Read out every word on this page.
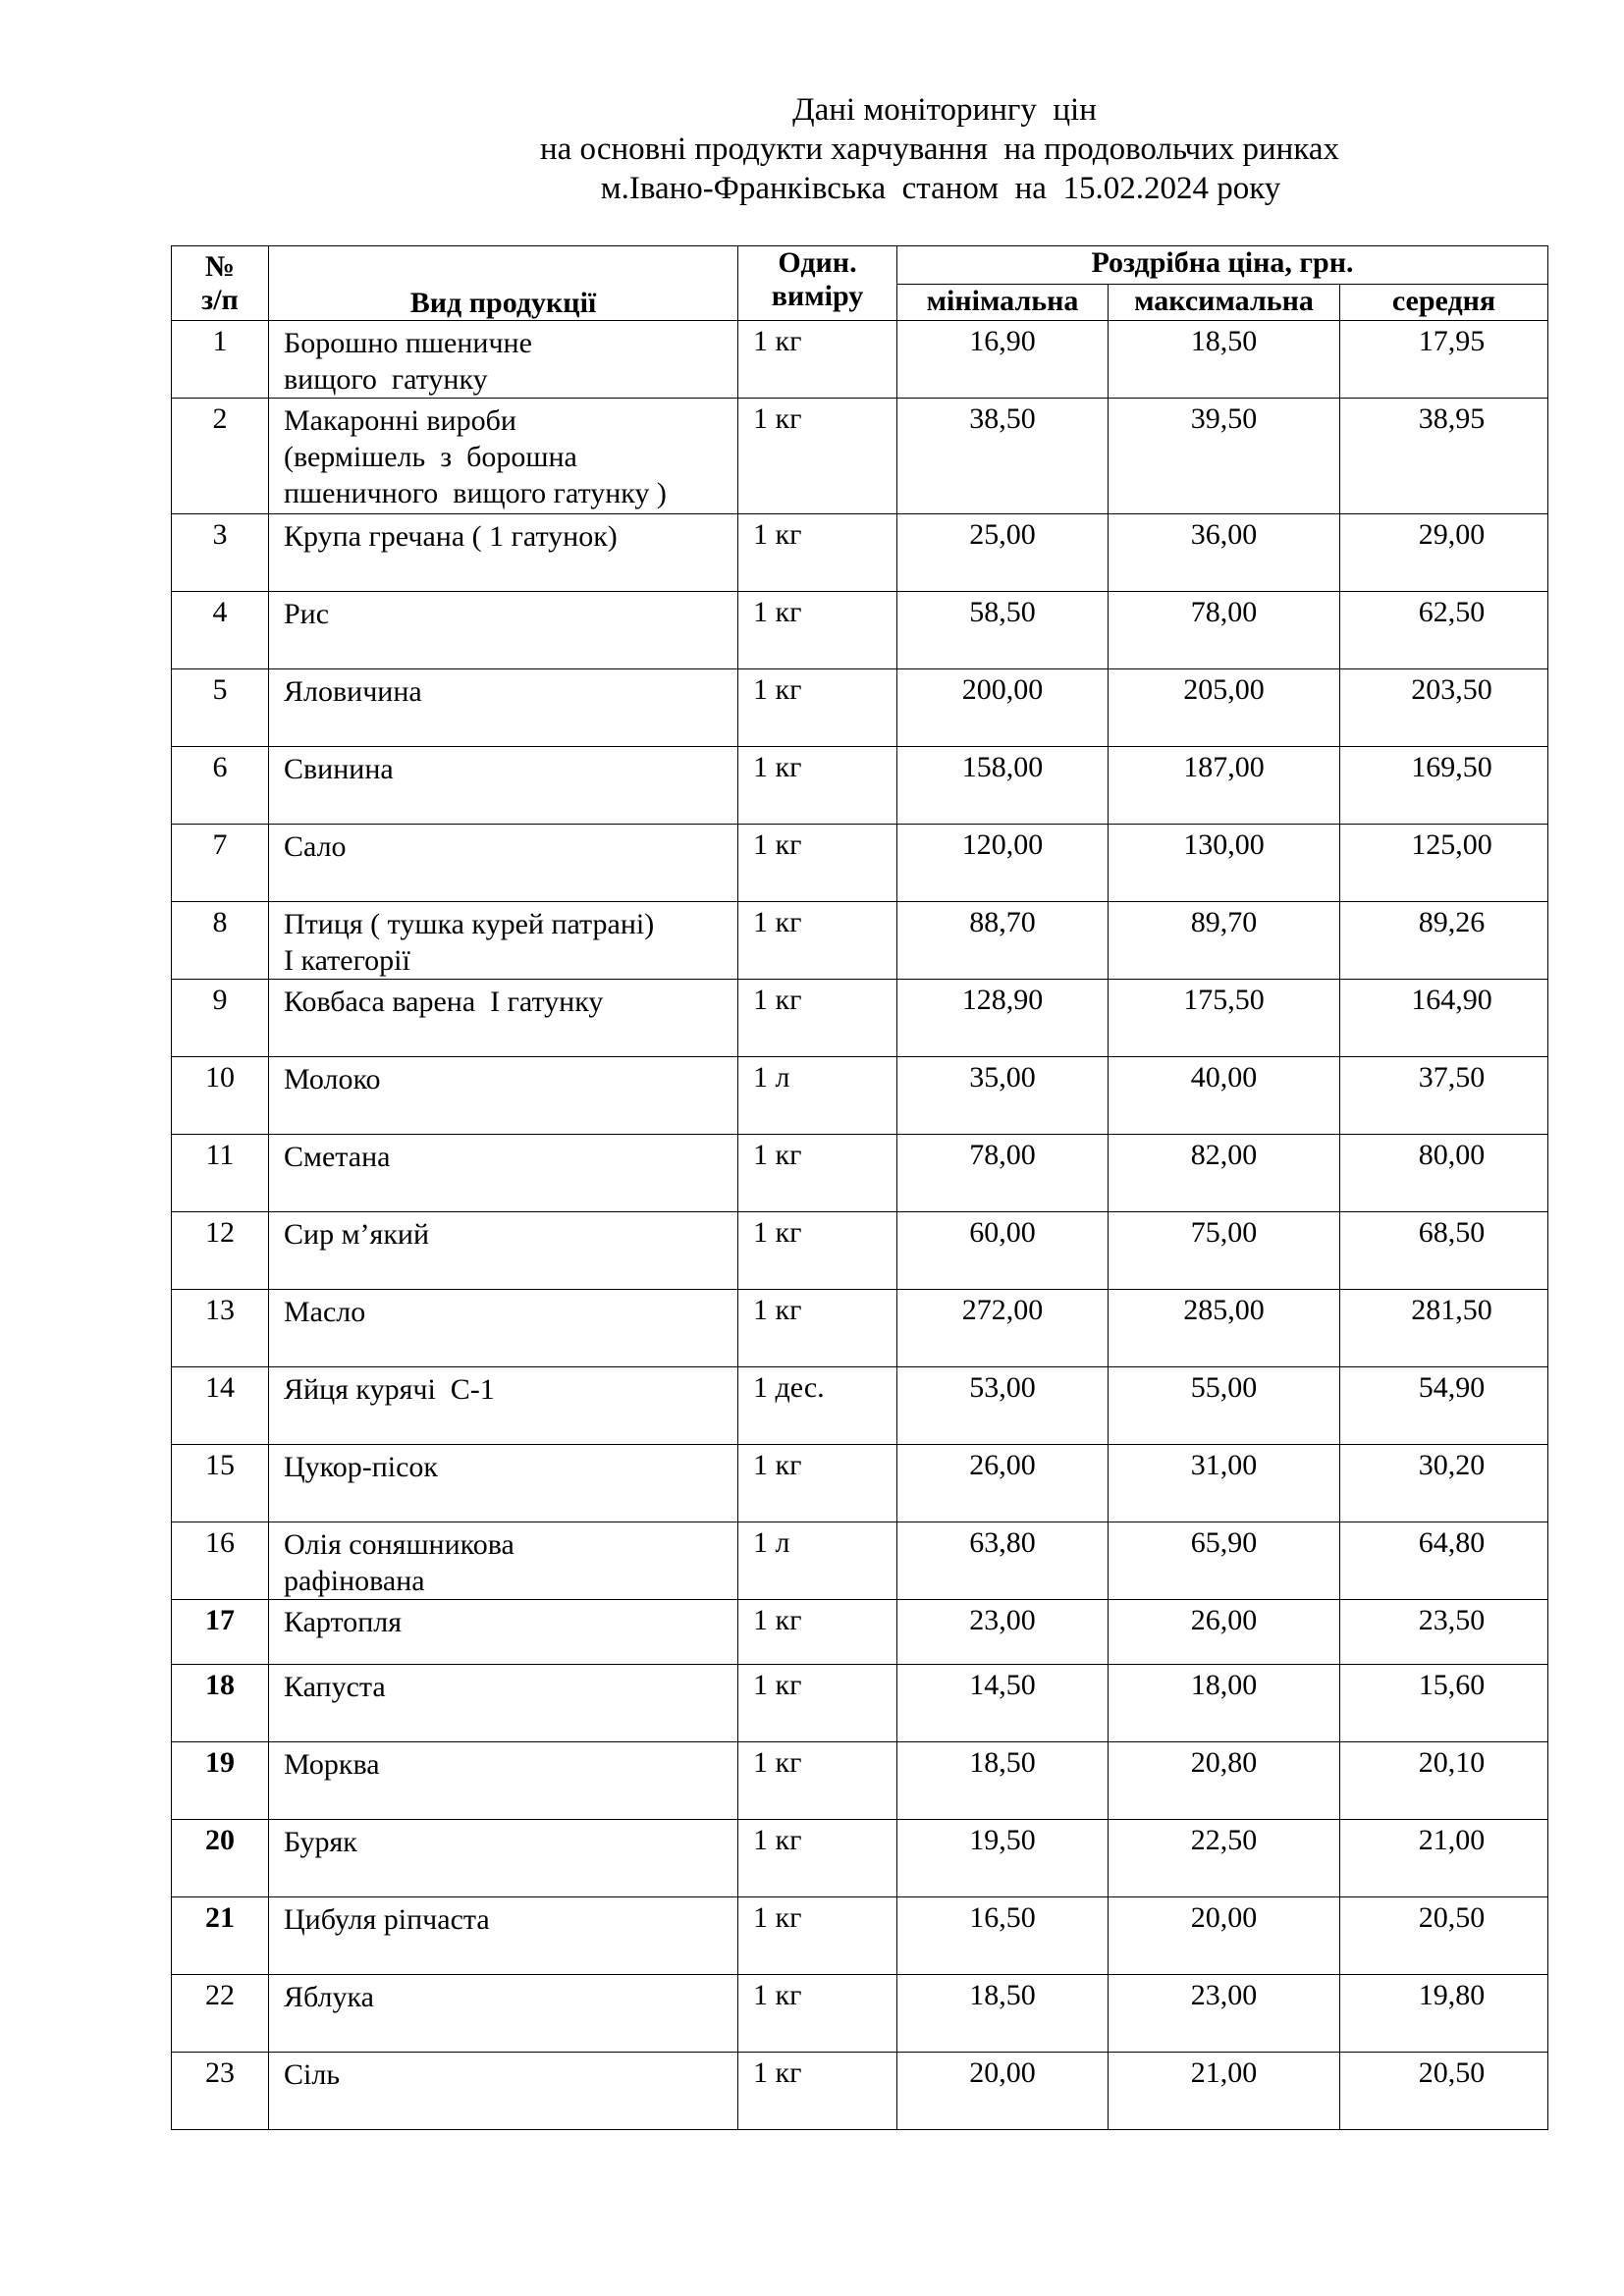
Дані моніторингу  цін
на основні продукти харчування  на продовольчих ринках
м.Івано-Франківська  станом  на  15.02.2024 року
№
з/п	Вид продукції	Один.
виміру	Роздрібна ціна, грн.		
			мінімальна	максимальна	середня
1	Борошно пшеничне
вищого  гатунку	1 кг	16,90	18,50	17,95
2	Макаронні вироби
(вермішель  з  борошна
пшеничного  вищого гатунку )	1 кг	38,50	39,50	38,95
3	Крупа гречана ( 1 гатунок)	1 кг	25,00	36,00	29,00
4	Рис	1 кг	58,50	78,00	62,50
5	Яловичина	1 кг	200,00	205,00	203,50
6	Свинина	1 кг	158,00	187,00	169,50
7	Сало	1 кг	120,00	130,00	125,00
8	Птиця ( тушка курей патрані)
І категорії	1 кг	88,70	89,70	89,26
9	Ковбаса варена  І гатунку	1 кг	128,90	175,50	164,90
10	Молоко	1 л	35,00	40,00	37,50
11	Сметана	1 кг	78,00	82,00	80,00
12	Сир м’який	1 кг	60,00	75,00	68,50
13	Масло	1 кг	272,00	285,00	281,50
14	Яйця курячі  С-1	1 дес.	53,00	55,00	54,90
15	Цукор-пісок	1 кг	26,00	31,00	30,20
16	Олія соняшникова
рафінована	1 л	63,80	65,90	64,80
17	Картопля	1 кг	23,00	26,00	23,50
18	Капуста	1 кг	14,50	18,00	15,60
19	Морква	1 кг	18,50	20,80	20,10
20	Буряк	1 кг	19,50	22,50	21,00
21	Цибуля ріпчаста	1 кг	16,50	20,00	20,50
22	Яблука	1 кг	18,50	23,00	19,80
23	Сіль	1 кг	20,00	21,00	20,50
